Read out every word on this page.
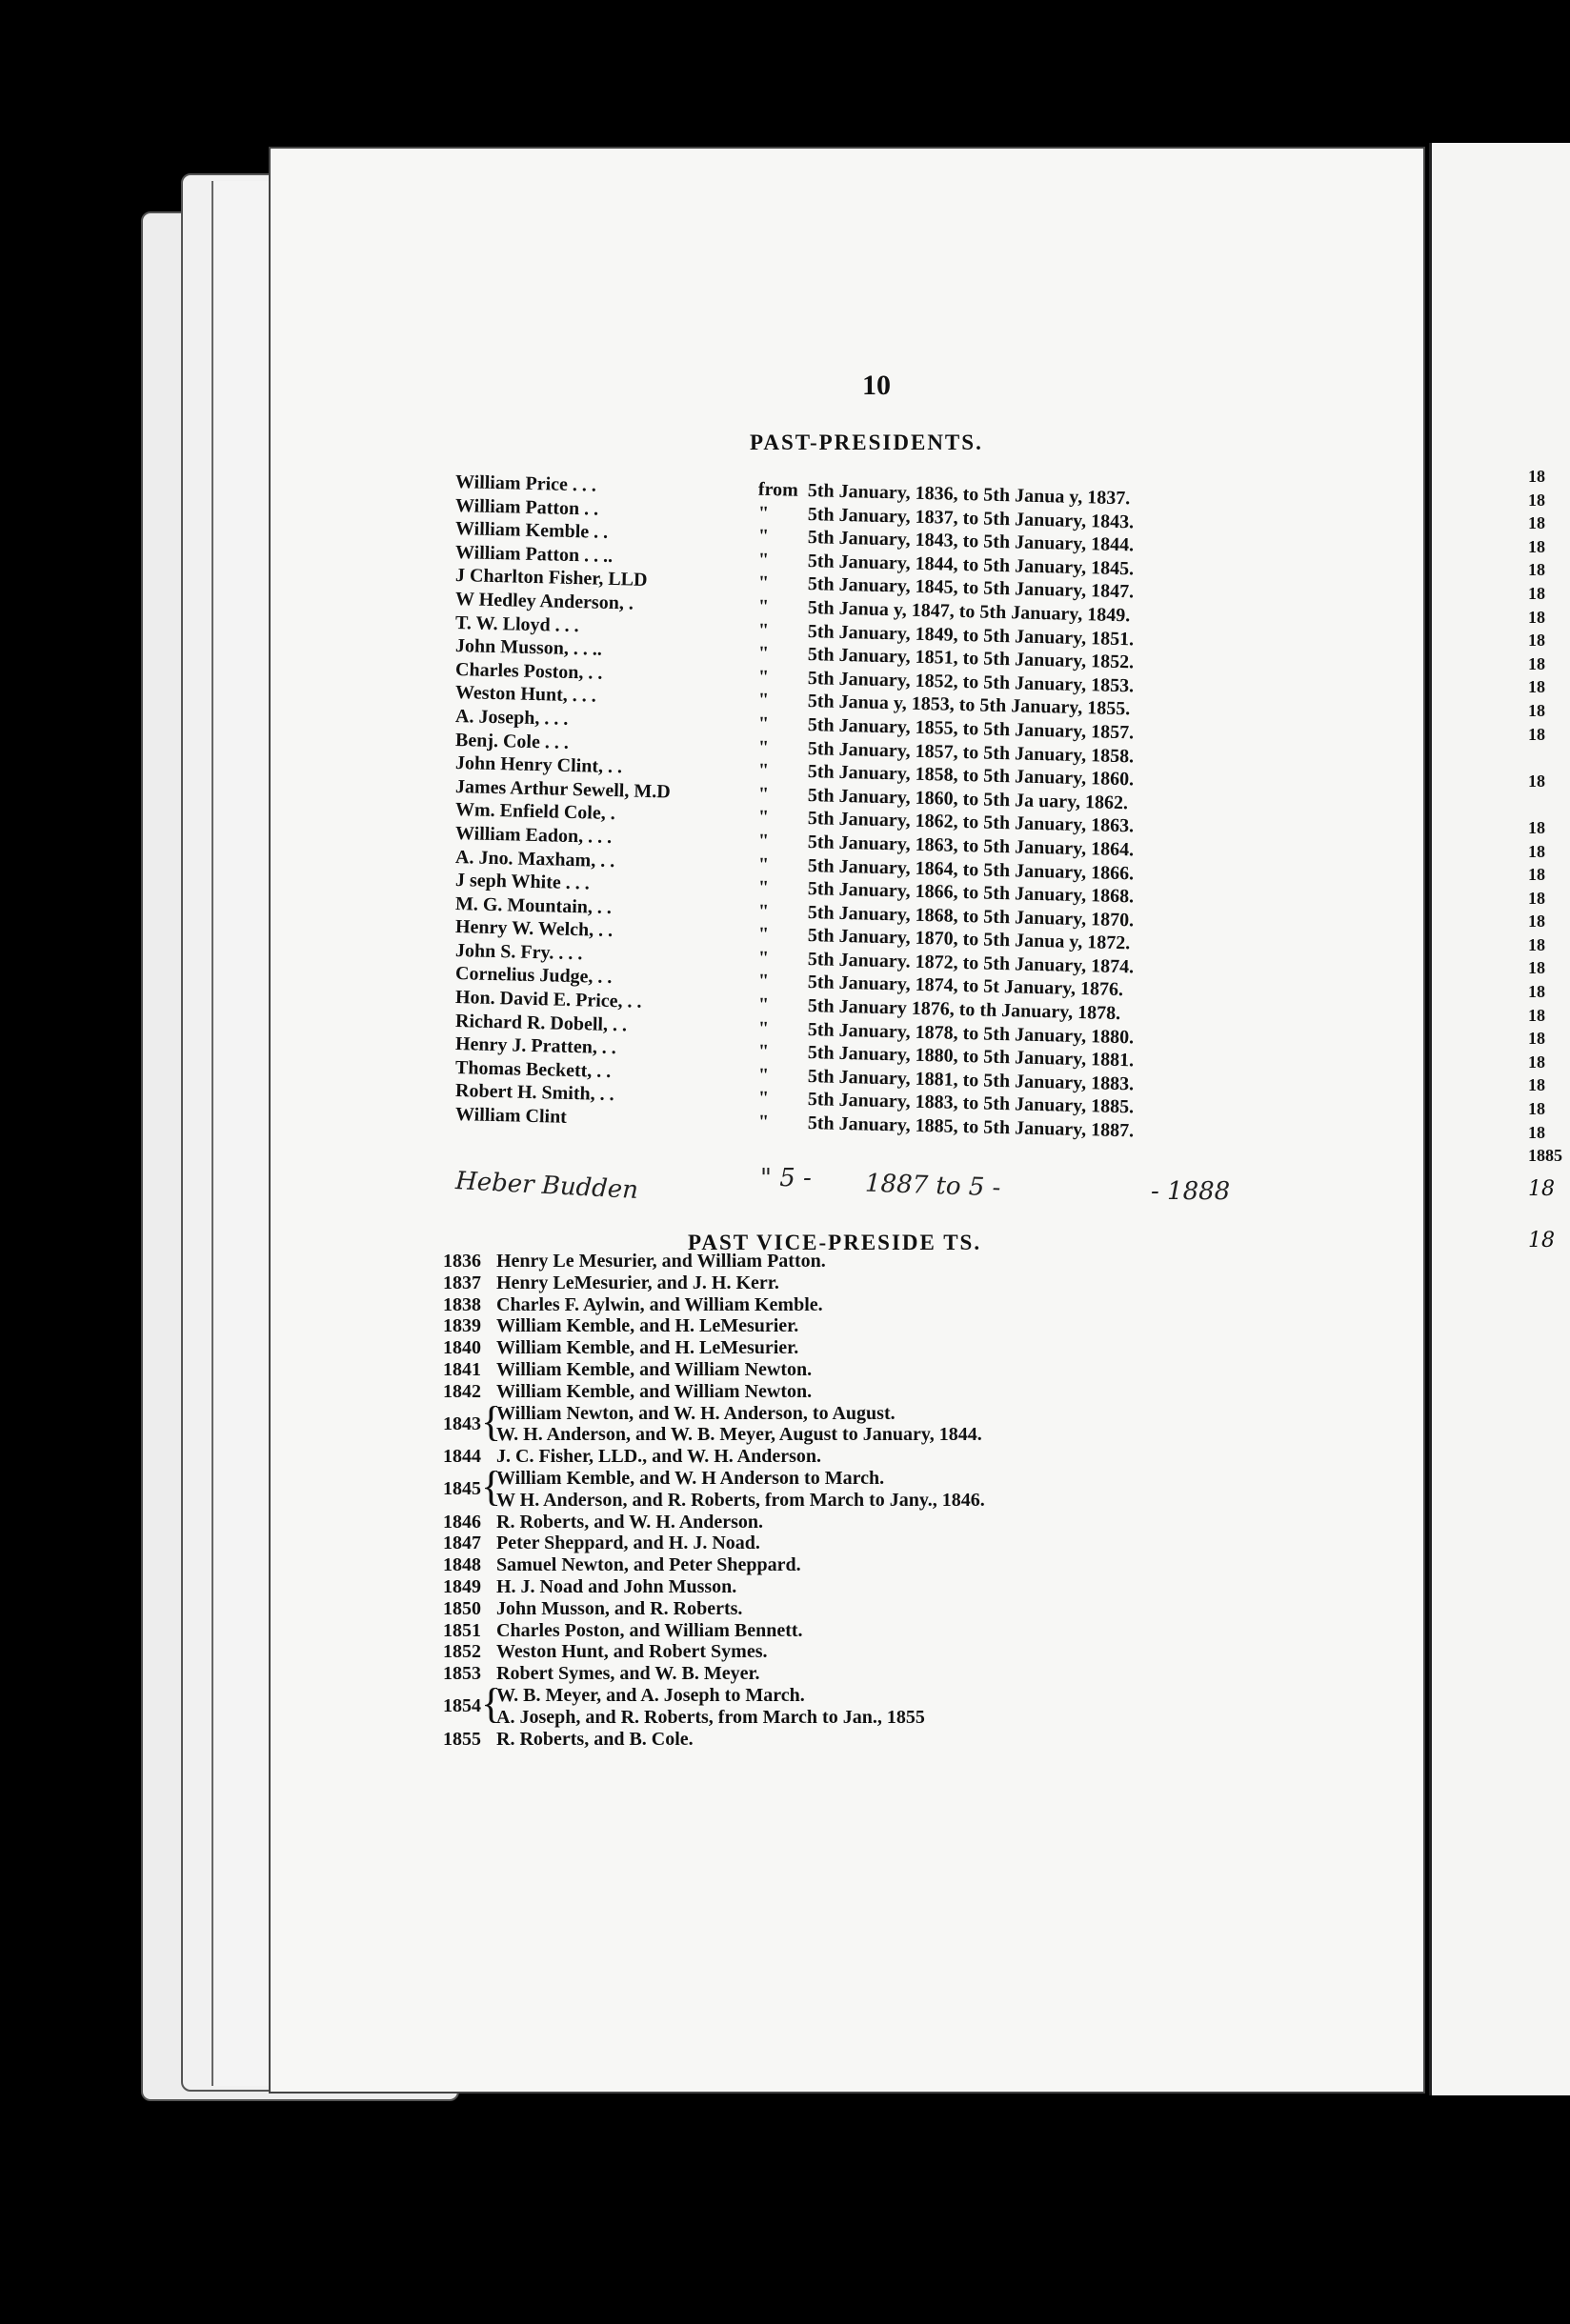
10
PAST-PRESIDENTS.
William Price . . .	from 5th January, 1836, to 5th Janua y, 1837.
William Patton . .	" 5th January, 1837, to 5th January, 1843.
William Kemble . .	" 5th January, 1843, to 5th January, 1844.
William Patton . . ..	" 5th January, 1844, to 5th January, 1845.
J Charlton Fisher, LLD	" 5th January, 1845, to 5th January, 1847.
W Hedley Anderson, .	" 5th Janua y, 1847, to 5th January, 1849.
T. W. Lloyd . . .	" 5th January, 1849, to 5th January, 1851.
John Musson, . . ..	" 5th January, 1851, to 5th January, 1852.
Charles Poston, . .	" 5th January, 1852, to 5th January, 1853.
Weston Hunt, . . .	" 5th Janua y, 1853, to 5th January, 1855.
A. Joseph, . . .	" 5th January, 1855, to 5th January, 1857.
Benj. Cole . . .	" 5th January, 1857, to 5th January, 1858.
John Henry Clint, . .	" 5th January, 1858, to 5th January, 1860.
James Arthur Sewell, M.D	" 5th January, 1860, to 5th Ja uary, 1862.
Wm. Enfield Cole, .	" 5th January, 1862, to 5th January, 1863.
William Eadon, . . .	" 5th January, 1863, to 5th January, 1864.
A. Jno. Maxham, . .	" 5th January, 1864, to 5th January, 1866.
J seph White . . .	" 5th January, 1866, to 5th January, 1868.
M. G. Mountain, . .	" 5th January, 1868, to 5th January, 1870.
Henry W. Welch, . .	" 5th January, 1870, to 5th Janua y, 1872.
John S. Fry. . . .	" 5th January. 1872, to 5th January, 1874.
Cornelius Judge, . .	" 5th January, 1874, to 5t January, 1876.
Hon. David E. Price, . .	" 5th January 1876, to th January, 1878.
Richard R. Dobell, . .	" 5th January, 1878, to 5th January, 1880.
Henry J. Pratten, . .	" 5th January, 1880, to 5th January, 1881.
Thomas Beckett, . .	" 5th January, 1881, to 5th January, 1883.
Robert H. Smith, . .	" 5th January, 1883, to 5th January, 1885.
William Clint	" 5th January, 1885, to 5th January, 1887.
Heber Budden	" 5 - 1887 to 5 -	- 1888
PAST VICE-PRESIDE TS.
1836 Henry Le Mesurier, and William Patton.
1837 Henry LeMesurier, and J. H. Kerr.
1838 Charles F. Aylwin, and William Kemble.
1839 William Kemble, and H. LeMesurier.
1840 William Kemble, and H. LeMesurier.
1841 William Kemble, and William Newton.
1842 William Kemble, and William Newton.
1843 {
William Newton, and W. H. Anderson, to August.
W. H. Anderson, and W. B. Meyer, August to January, 1844.
1844 J. C. Fisher, LLD., and W. H. Anderson.
1845 {
William Kemble, and W. H Anderson to March.
W H. Anderson, and R. Roberts, from March to Jany., 1846.
1846 R. Roberts, and W. H. Anderson.
1847 Peter Sheppard, and H. J. Noad.
1848 Samuel Newton, and Peter Sheppard.
1849 H. J. Noad and John Musson.
1850 John Musson, and R. Roberts.
1851 Charles Poston, and William Bennett.
1852 Weston Hunt, and Robert Symes.
1853 Robert Symes, and W. B. Meyer.
1854 {
W. B. Meyer, and A. Joseph to March.
A. Joseph, and R. Roberts, from March to Jan., 1855
1855 R. Roberts, and B. Cole.
18
18
18
18
18
18
18
18
18
18
18
18
18
18
18
18
18
18
18
18
18
18
18
18
18
18
18
1885
18
18
